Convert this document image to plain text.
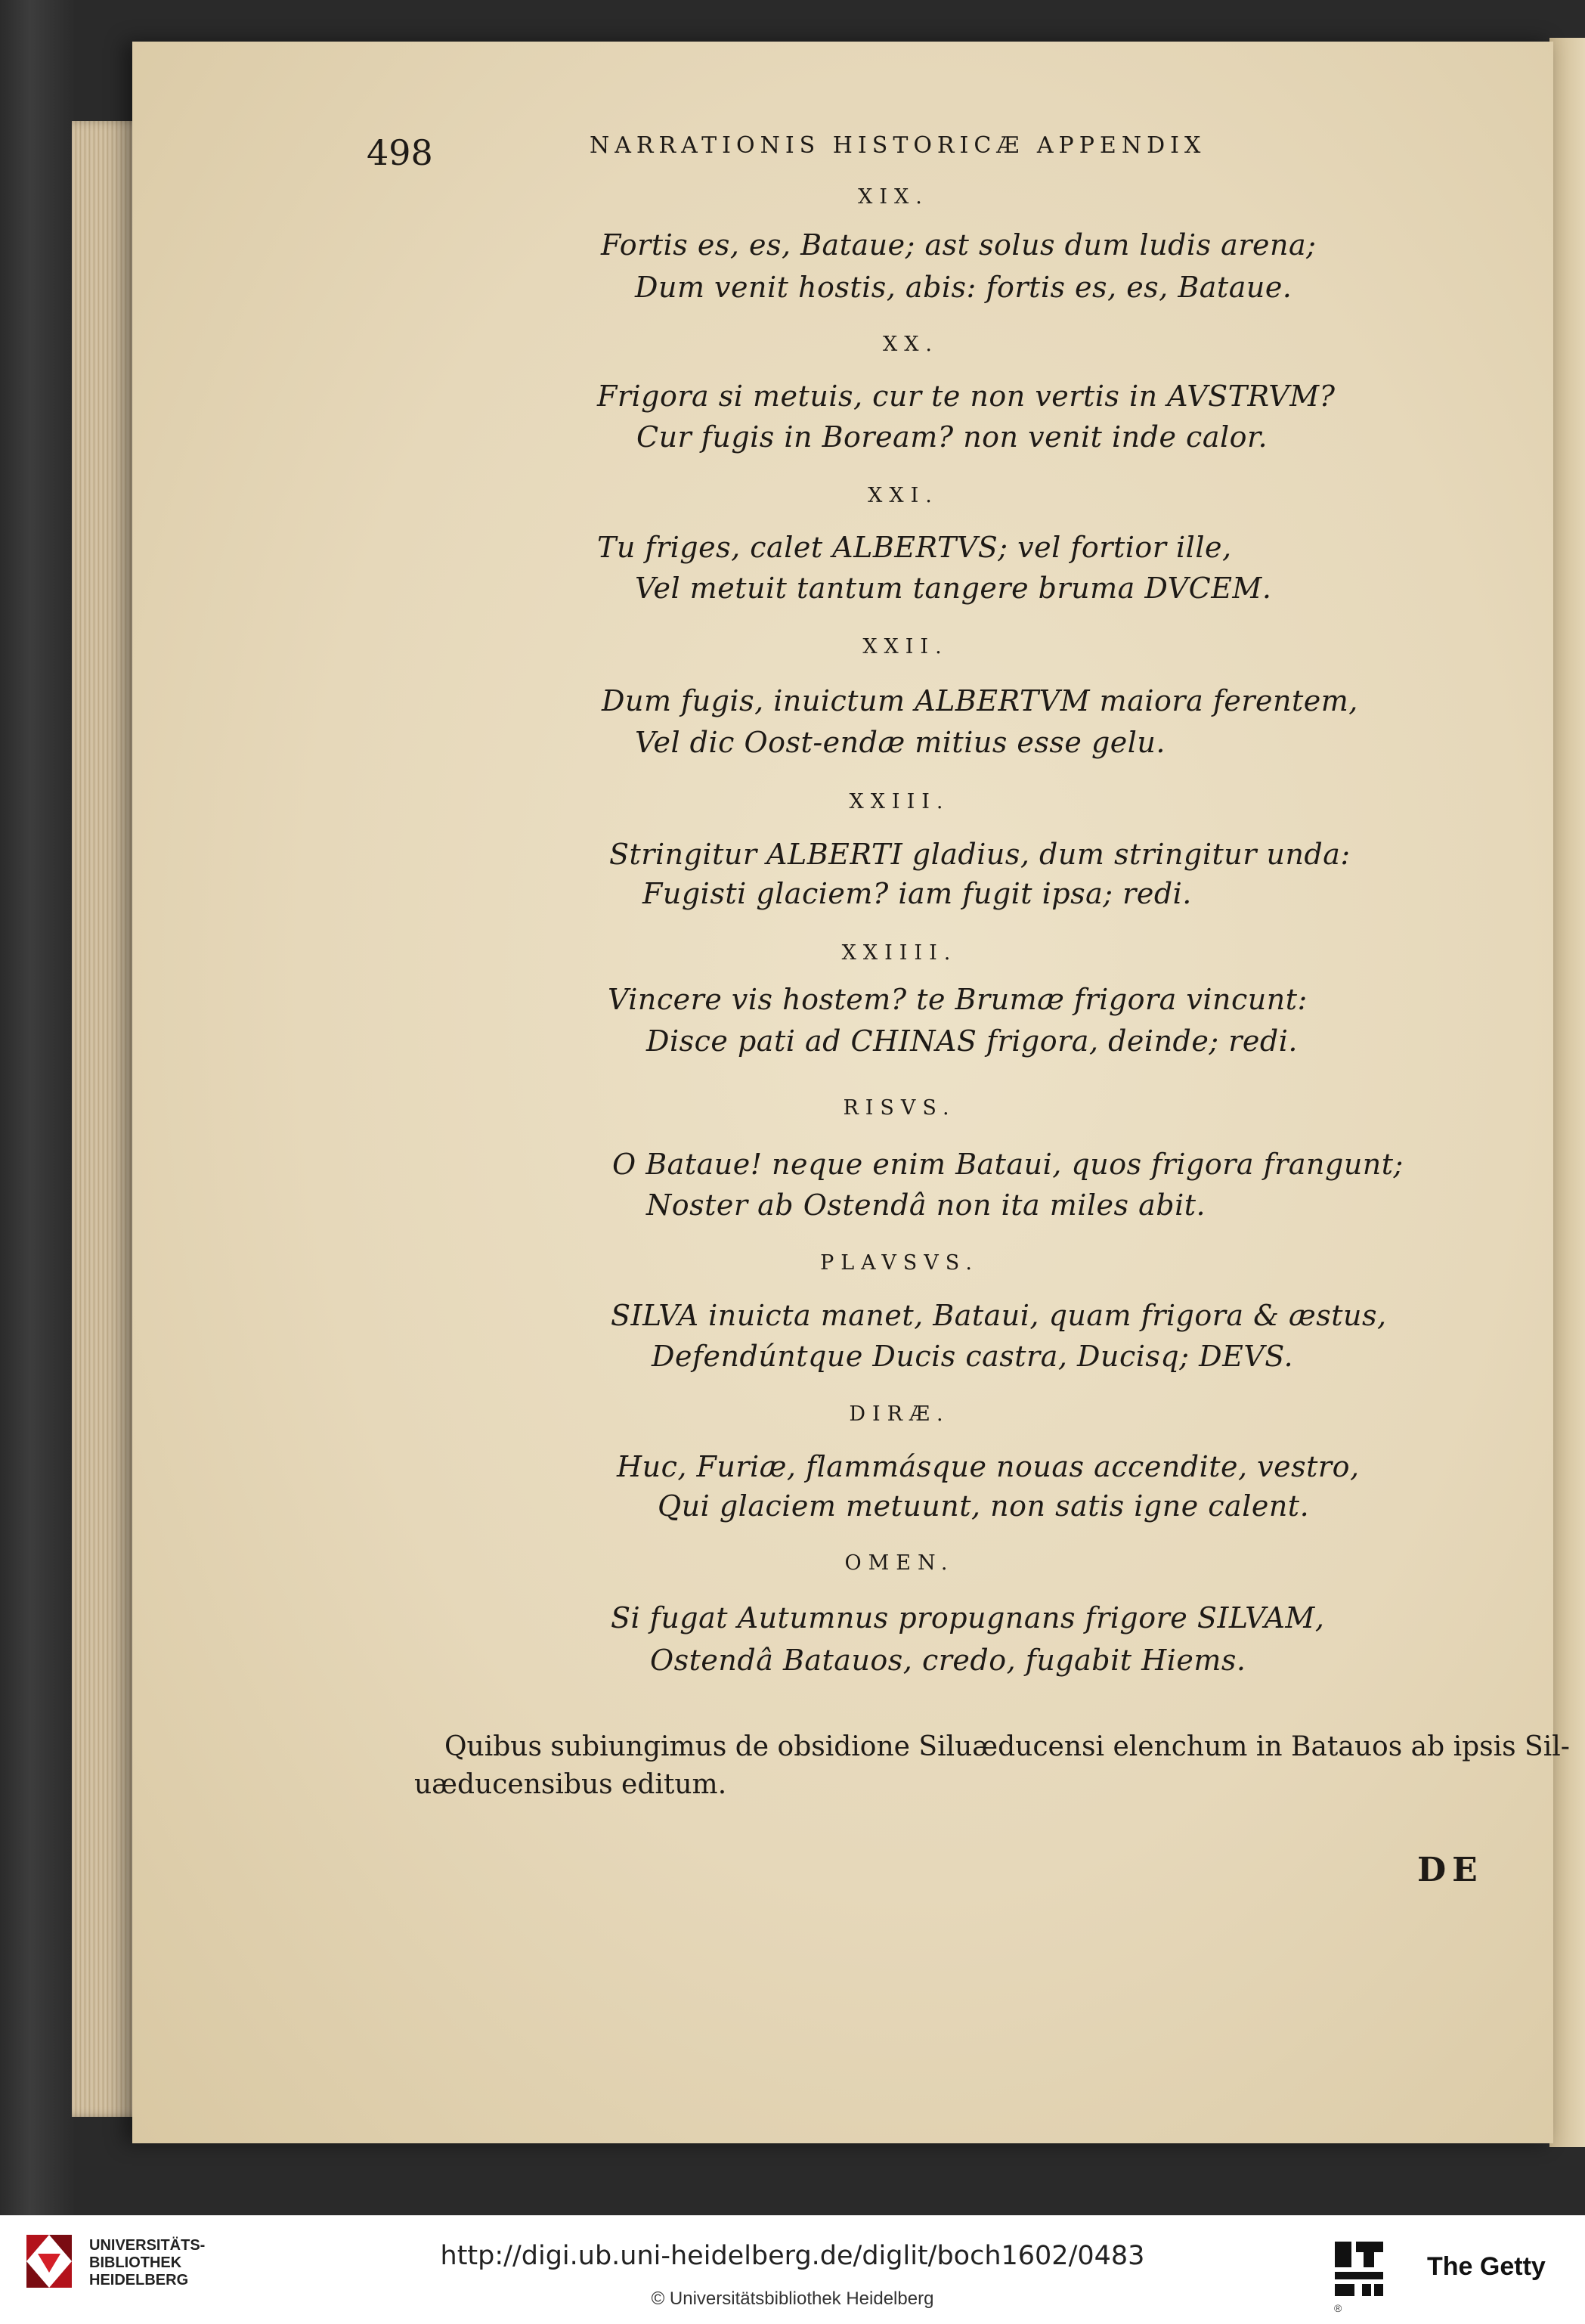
498	NARRATIONIS HISTORICÆ APPENDIX
XIX.
Fortis es, es, Bataue; ast solus dum ludis arena;
Dum venit hostis, abis: fortis es, es, Bataue.
XX.
Frigora si metuis, cur te non vertis in AVSTRVM?
Cur fugis in Boream? non venit inde calor.
XXI.
Tu friges, calet ALBERTVS; vel fortior ille,
Vel metuit tantum tangere bruma DVCEM.
XXII.
Dum fugis, inuictum ALBERTVM maiora ferentem,
Vel dic Oost-endæ mitius esse gelu.
XXIII.
Stringitur ALBERTI gladius, dum stringitur unda:
Fugisti glaciem? iam fugit ipsa; redi.
XXIIII.
Vincere vis hostem? te Brumæ frigora vincunt:
Disce pati ad CHINAS frigora, deinde; redi.
RISVS.
O Bataue! neque enim Bataui, quos frigora frangunt;
Noster ab Ostendâ non ita miles abit.
PLAVSVS.
SILVA inuicta manet, Bataui, quam frigora & æstus,
Defendúntque Ducis castra, Ducisq; DEVS.
DIRÆ.
Huc, Furiæ, flammásque nouas accendite, vestro,
Qui glaciem metuunt, non satis igne calent.
OMEN.
Si fugat Autumnus propugnans frigore SILVAM,
Ostendâ Batauos, credo, fugabit Hiems.
Quibus subiungimus de obsidione Siluæducensi elenchum in Batauos ab ipsis Sil-
uæducensibus editum.
DE
UNIVERSITÄTS-
BIBLIOTHEK
HEIDELBERG
http://digi.ub.uni-heidelberg.de/diglit/boch1602/0483
© Universitätsbibliothek Heidelberg	®
The Getty
